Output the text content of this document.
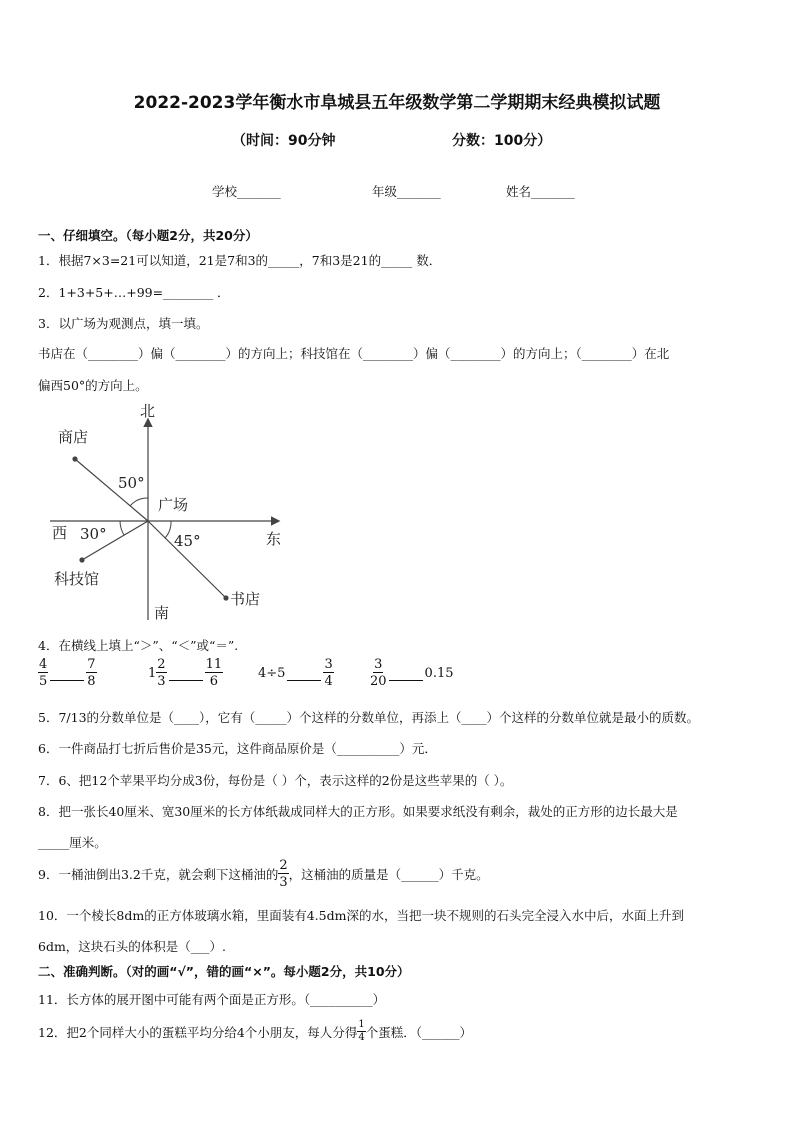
2022-2023学年衡水市阜城县五年级数学第二学期期末经典模拟试题
（时间：90分钟	分数：100分）
学校_______	年级_______	姓名_______
一、仔细填空。（每小题2分，共20分）
1．根据7×3=21可以知道，21是7和3的_____，7和3是21的_____ 数．
2．1+3+5+…+99=________ ．
3．以广场为观测点，填一填。
书店在（________）偏（________）的方向上；科技馆在（________）偏（________）的方向上；（________）在北
偏西50°的方向上。
北
南
西	东
广场
商店
科技馆
书店
50°
30°	45°
4．在横线上填上“＞”、“＜”或“＝”.
$\frac{4}{5}$	$\frac{7}{8}$	$1 \frac{2}{3}$	$\frac{11}{6}$	4÷5	$\frac{3}{4}$	$\frac{3}{20}$	0.15
5．7/13的分数单位是（____），它有（_____）个这样的分数单位，再添上（____）个这样的分数单位就是最小的质数。
6．一件商品打七折后售价是35元，这件商品原价是（__________）元．
7．6、把12个苹果平均分成3份，每份是（ ）个，表示这样的2份是这些苹果的（ ）。
8．把一张长40厘米、宽30厘米的长方体纸裁成同样大的正方形。如果要求纸没有剩余，裁处的正方形的边长最大是
_____厘米。
9．一桶油倒出3.2千克，就会剩下这桶油的 $\frac{2}{3}$ ，这桶油的质量是（______）千克。
10．一个棱长8dm的正方体玻璃水箱，里面装有4.5dm深的水，当把一块不规则的石头完全浸入水中后，水面上升到
6dm，这块石头的体积是（___）.
二、准确判断。（对的画“√”，错的画“×”。每小题2分，共10分）
11．长方体的展开图中可能有两个面是正方形。（__________）
12．把2个同样大小的蛋糕平均分给4个小朋友，每人分得 1
4 个蛋糕．（______）
